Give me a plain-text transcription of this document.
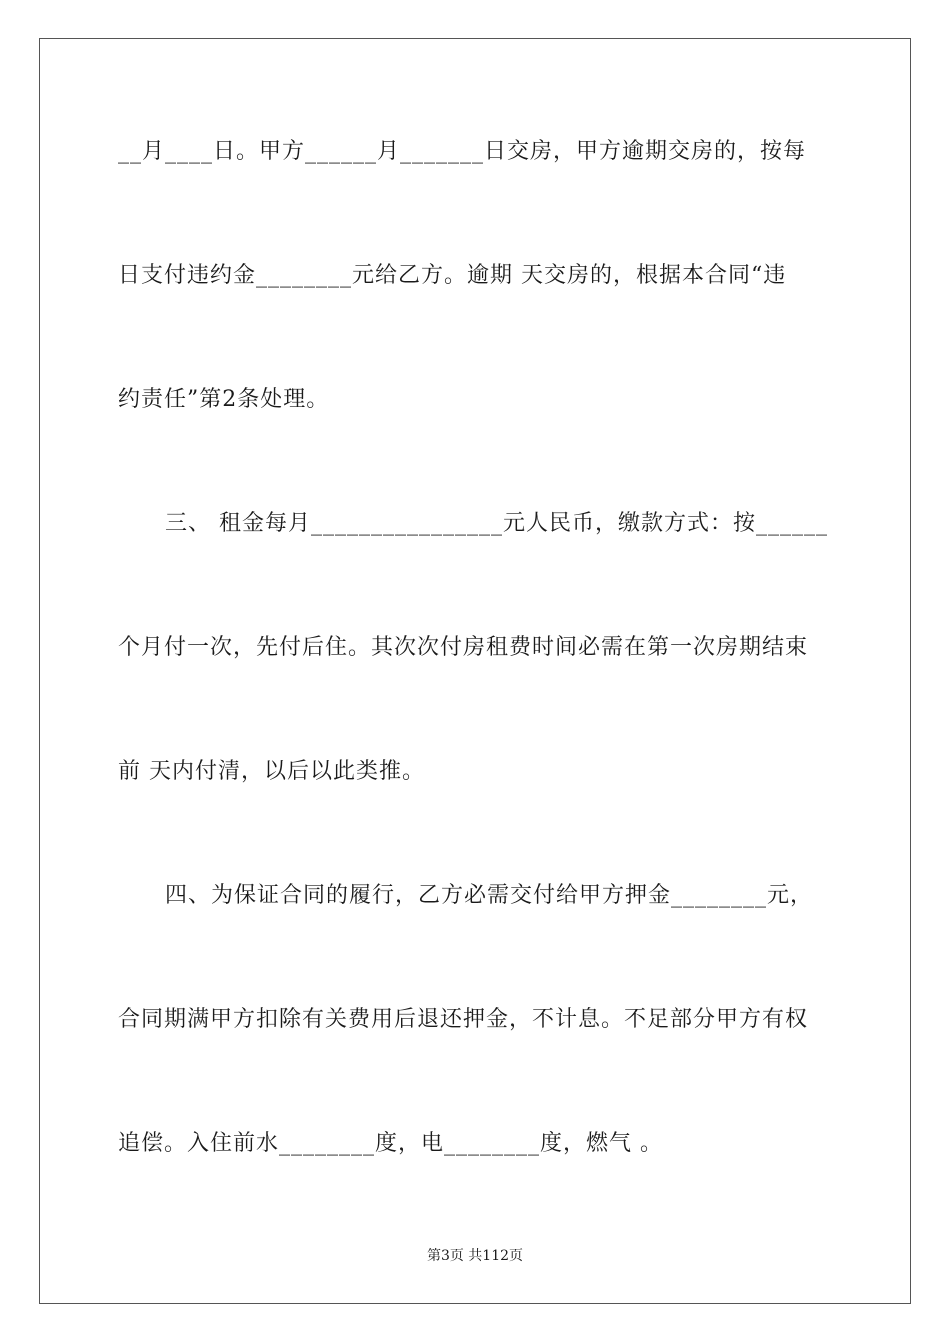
__月____日。甲方______月_______日交房，甲方逾期交房的，按每
日支付违约金________元给乙方。逾期 天交房的，根据本合同“违
约责任”第2条处理。
三、 租金每月________________元人民币，缴款方式：按______
个月付一次，先付后住。其次次付房租费时间必需在第一次房期结束
前 天内付清，以后以此类推。
四、为保证合同的履行，乙方必需交付给甲方押金________元，
合同期满甲方扣除有关费用后退还押金，不计息。不足部分甲方有权
追偿。入住前水________度，电________度，燃气 。
第3页 共112页
